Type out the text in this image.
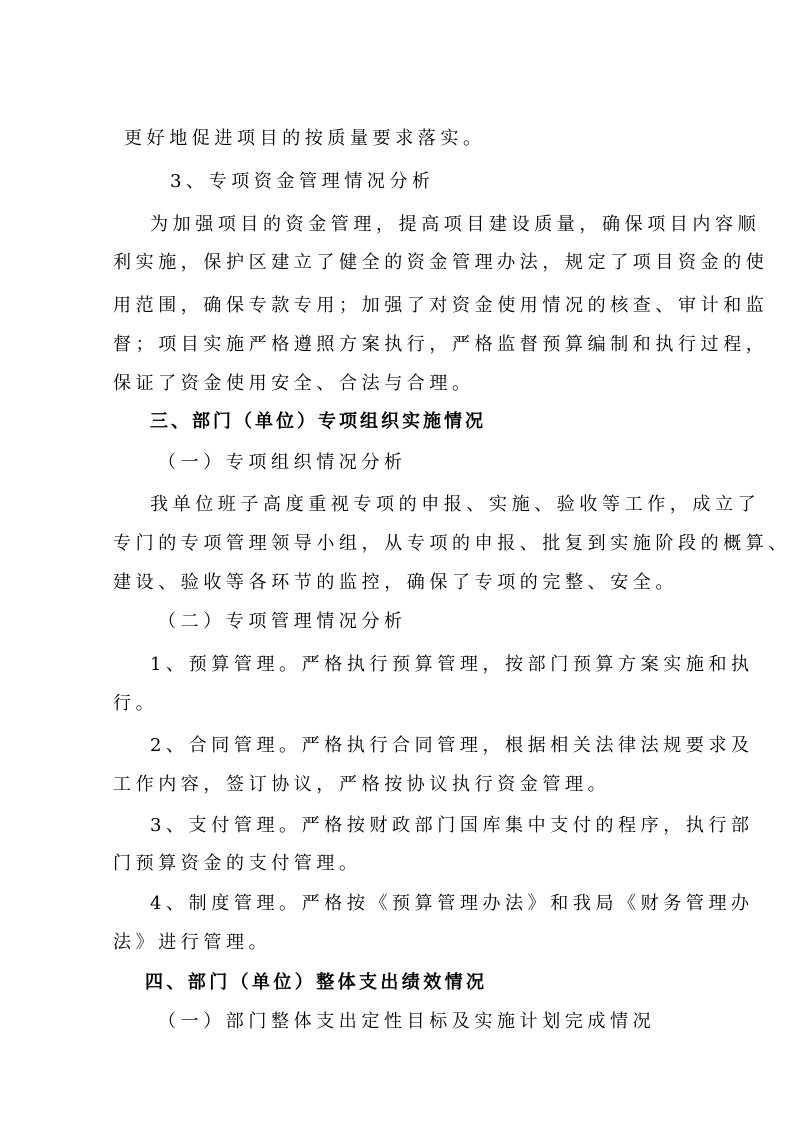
更好地促进项目的按质量要求落实。
3、专项资金管理情况分析
为加强项目的资金管理，提高项目建设质量，确保项目内容顺
利实施，保护区建立了健全的资金管理办法，规定了项目资金的使
用范围，确保专款专用；加强了对资金使用情况的核查、审计和监
督；项目实施严格遵照方案执行，严格监督预算编制和执行过程，
保证了资金使用安全、合法与合理。
三、部门（单位）专项组织实施情况
（一）专项组织情况分析
我单位班子高度重视专项的申报、实施、验收等工作，成立了
专门的专项管理领导小组，从专项的申报、批复到实施阶段的概算、
建设、验收等各环节的监控，确保了专项的完整、安全。
（二）专项管理情况分析
1、预算管理。严格执行预算管理，按部门预算方案实施和执
行。
2、合同管理。严格执行合同管理，根据相关法律法规要求及
工作内容，签订协议，严格按协议执行资金管理。
3、支付管理。严格按财政部门国库集中支付的程序，执行部
门预算资金的支付管理。
4、制度管理。严格按《预算管理办法》和我局《财务管理办
法》进行管理。
四、部门（单位）整体支出绩效情况
（一）部门整体支出定性目标及实施计划完成情况
